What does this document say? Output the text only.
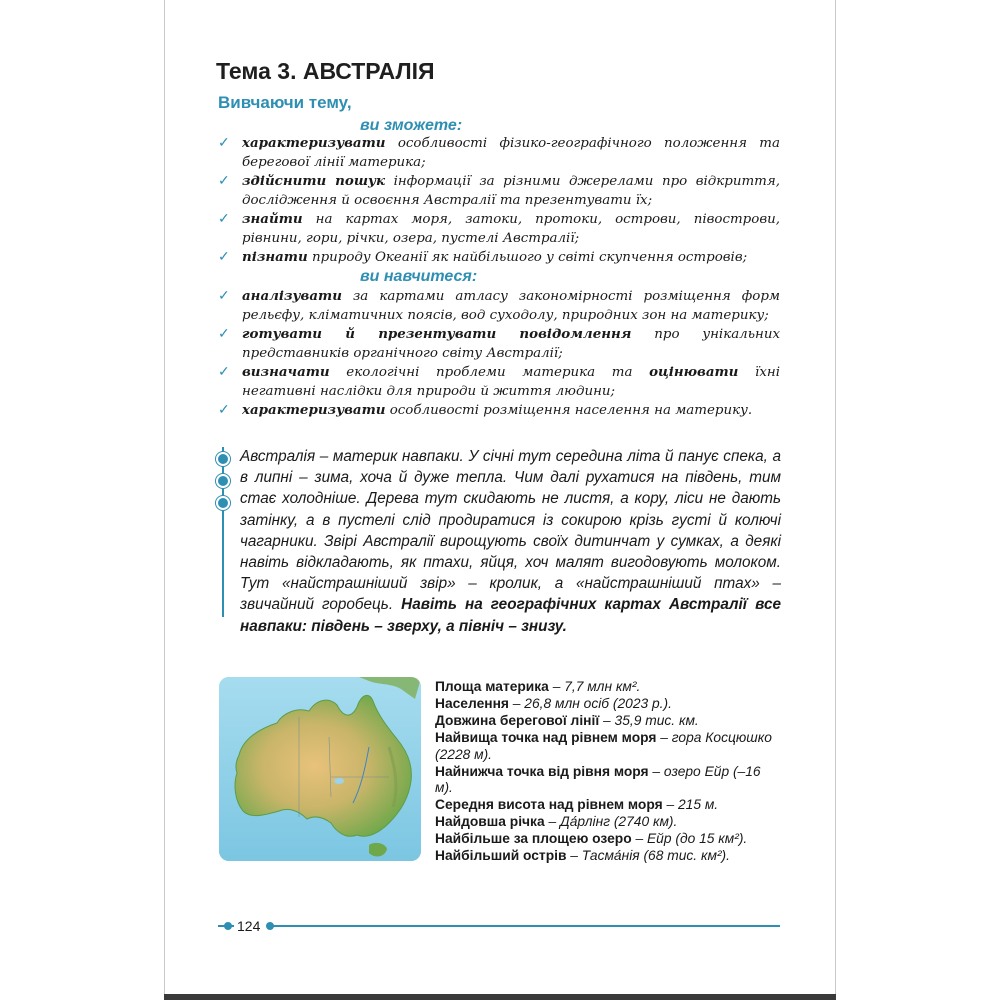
Тема 3. АВСТРАЛІЯ
Вивчаючи тему,
ви зможете:
✓ характеризувати особливості фізико-географічного положення та берегової лінії материка;
✓ здійснити пошук інформації за різними джерелами про відкриття, дослідження й освоєння Австралії та презентувати їх;
✓ знайти на картах моря, затоки, протоки, острови, півострови, рівнини, гори, річки, озера, пустелі Австралії;
✓ пізнати природу Океанії як найбільшого у світі скупчення островів;
ви навчитеся:
✓ аналізувати за картами атласу закономірності розміщення форм рельєфу, кліматичних поясів, вод суходолу, природних зон на материку;
✓ готувати й презентувати повідомлення про унікальних представників органічного світу Австралії;
✓ визначати екологічні проблеми материка та оцінювати їхні негативні наслідки для природи й життя людини;
✓ характеризувати особливості розміщення населення на материку.

Австралія – материк навпаки. У січні тут середина літа й панує спека, а в липні – зима, хоча й дуже тепла. Чим далі рухатися на південь, тим стає холодніше. Дерева тут скидають не листя, а кору, ліси не дають затінку, а в пустелі слід продиратися із сокирою крізь густі й колючі чагарники. Звірі Австралії вирощують своїх дитинчат у сумках, а деякі навіть відкладають, як птахи, яйця, хоч малят вигодовують молоком. Тут «найстрашніший звір» – кролик, а «найстрашніший птах» – звичайний горобець. Навіть на географічних картах Австралії все навпаки: південь – зверху, а північ – знизу.

Площа материка – 7,7 млн км².
Населення – 26,8 млн осіб (2023 р.).
Довжина берегової лінії – 35,9 тис. км.
Найвища точка над рівнем моря – гора Косцюшко (2228 м).
Найнижча точка від рівня моря – озеро Ейр (–16 м).
Середня висота над рівнем моря – 215 м.
Найдовша річка – Да́рлінг (2740 км).
Найбільше за площею озеро – Ейр (до 15 км²).
Найбільший острів – Тасма́нія (68 тис. км²).
124
